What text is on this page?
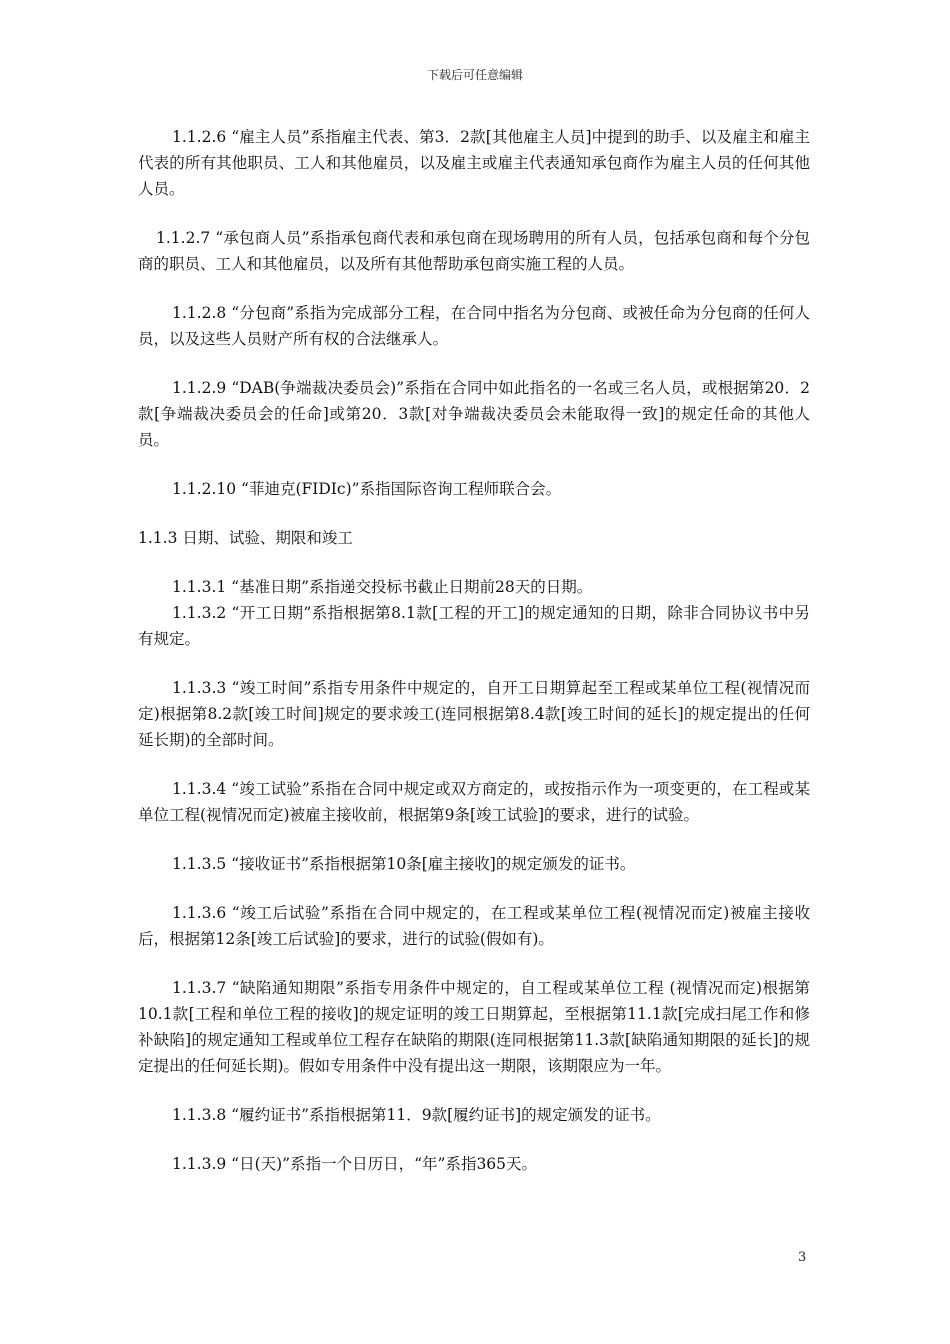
下载后可任意编辑

1.1.2.6 “雇主人员”系指雇主代表、第3．2款[其他雇主人员]中提到的助手、以及雇主和雇主代表的所有其他职员、工人和其他雇员，以及雇主或雇主代表通知承包商作为雇主人员的任何其他人员。

1.1.2.7 “承包商人员”系指承包商代表和承包商在现场聘用的所有人员，包括承包商和每个分包商的职员、工人和其他雇员，以及所有其他帮助承包商实施工程的人员。

1.1.2.8 “分包商”系指为完成部分工程，在合同中指名为分包商、或被任命为分包商的任何人员，以及这些人员财产所有权的合法继承人。

1.1.2.9 “DAB(争端裁决委员会)”系指在合同中如此指名的一名或三名人员，或根据第20．2款[争端裁决委员会的任命]或第20．3款[对争端裁决委员会未能取得一致]的规定任命的其他人员。

1.1.2.10 “菲迪克(FIDIc)”系指国际咨询工程师联合会。

1.1.3 日期、试验、期限和竣工

1.1.3.1 “基准日期”系指递交投标书截止日期前28天的日期。

1.1.3.2 “开工日期”系指根据第8.1款[工程的开工]的规定通知的日期，除非合同协议书中另有规定。

1.1.3.3 “竣工时间”系指专用条件中规定的，自开工日期算起至工程或某单位工程(视情况而定)根据第8.2款[竣工时间]规定的要求竣工(连同根据第8.4款[竣工时间的延长]的规定提出的任何延长期)的全部时间。

1.1.3.4 “竣工试验”系指在合同中规定或双方商定的，或按指示作为一项变更的，在工程或某单位工程(视情况而定)被雇主接收前，根据第9条[竣工试验]的要求，进行的试验。

1.1.3.5 “接收证书”系指根据第10条[雇主接收]的规定颁发的证书。

1.1.3.6 “竣工后试验”系指在合同中规定的，在工程或某单位工程(视情况而定)被雇主接收后，根据第12条[竣工后试验]的要求，进行的试验(假如有)。

1.1.3.7 “缺陷通知期限”系指专用条件中规定的，自工程或某单位工程 (视情况而定)根据第10.1款[工程和单位工程的接收]的规定证明的竣工日期算起，至根据第11.1款[完成扫尾工作和修补缺陷]的规定通知工程或单位工程存在缺陷的期限(连同根据第11.3款[缺陷通知期限的延长]的规定提出的任何延长期)。假如专用条件中没有提出这一期限，该期限应为一年。

1.1.3.8 “履约证书”系指根据第11．9款[履约证书]的规定颁发的证书。

1.1.3.9 “日(天)”系指一个日历日，“年”系指365天。

3
